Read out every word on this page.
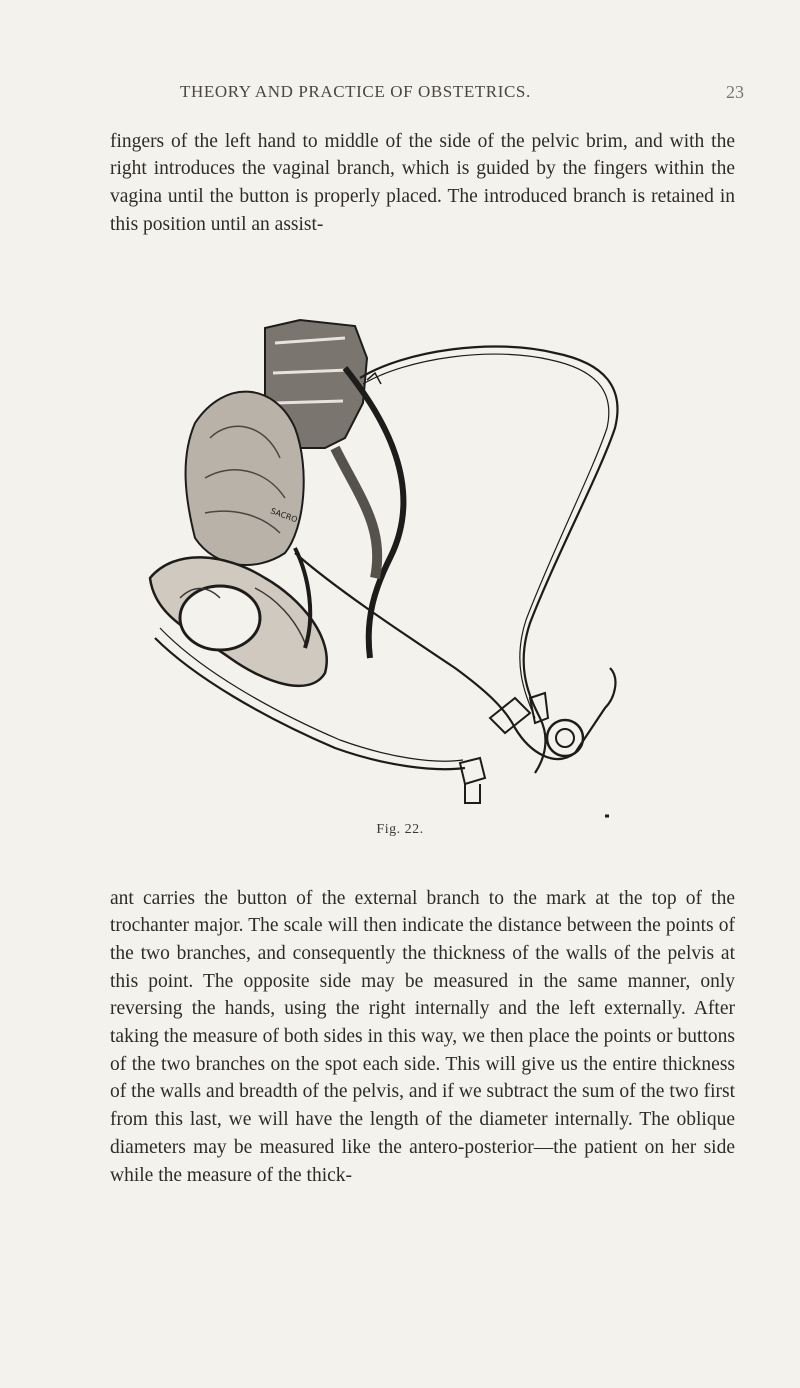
THEORY AND PRACTICE OF OBSTETRICS.	23

fingers of the left hand to middle of the side of the pelvic brim, and with the right introduces the vaginal branch, which is guided by the fingers within the vagina until the button is properly placed. The introduced branch is retained in this position until an assist-

SACRO
Fig. 22.

ant carries the button of the external branch to the mark at the top of the trochanter major. The scale will then indicate the distance between the points of the two branches, and consequently the thickness of the walls of the pelvis at this point. The opposite side may be measured in the same manner, only reversing the hands, using the right internally and the left externally. After taking the measure of both sides in this way, we then place the points or buttons of the two branches on the spot each side. This will give us the entire thickness of the walls and breadth of the pelvis, and if we subtract the sum of the two first from this last, we will have the length of the diameter internally. The oblique diameters may be measured like the antero-posterior—the patient on her side while the measure of the thick-
